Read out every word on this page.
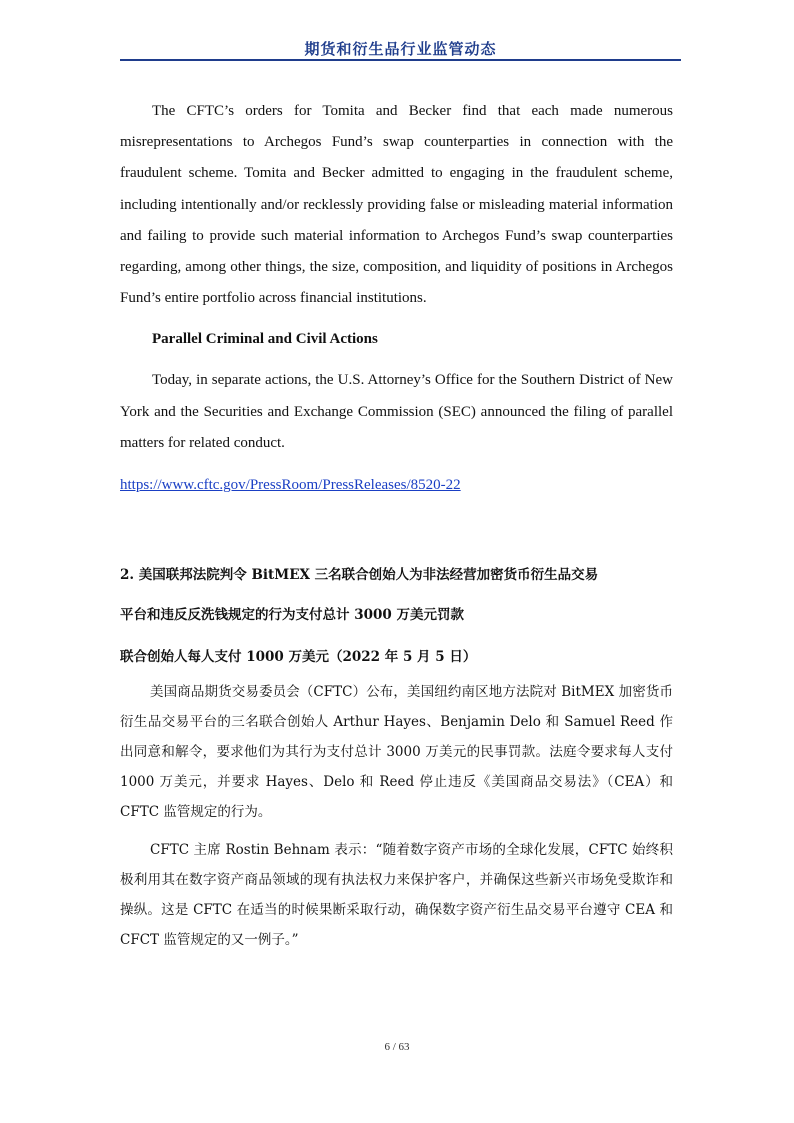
期货和衍生品行业监管动态

The CFTC’s orders for Tomita and Becker find that each made numerous misrepresentations to Archegos Fund’s swap counterparties in connection with the fraudulent scheme. Tomita and Becker admitted to engaging in the fraudulent scheme, including intentionally and/or recklessly providing false or misleading material information and failing to provide such material information to Archegos Fund’s swap counterparties regarding, among other things, the size, composition, and liquidity of positions in Archegos Fund’s entire portfolio across financial institutions.

Parallel Criminal and Civil Actions

Today, in separate actions, the U.S. Attorney’s Office for the Southern District of New York and the Securities and Exchange Commission (SEC) announced the filing of parallel matters for related conduct.

https://www.cftc.gov/PressRoom/PressReleases/8520-22

2. 美国联邦法院判令 BitMEX 三名联合创始人为非法经营加密货币衍生品交易

平台和违反反洗钱规定的行为支付总计 3000 万美元罚款

联合创始人每人支付 1000 万美元（2022 年 5 月 5 日）

美国商品期货交易委员会（CFTC）公布，美国纽约南区地方法院对 BitMEX 加密货币衍生品交易平台的三名联合创始人 Arthur Hayes、Benjamin Delo 和 Samuel Reed 作出同意和解令，要求他们为其行为支付总计 3000 万美元的民事罚款。法庭令要求每人支付 1000 万美元，并要求 Hayes、Delo 和 Reed 停止违反《美国商品交易法》（CEA）和 CFTC 监管规定的行为。

CFTC 主席 Rostin Behnam 表示：“随着数字资产市场的全球化发展，CFTC 始终积极利用其在数字资产商品领域的现有执法权力来保护客户，并确保这些新兴市场免受欺诈和操纵。这是 CFTC 在适当的时候果断采取行动，确保数字资产衍生品交易平台遵守 CEA 和 CFCT 监管规定的又一例子。”

6 / 63
